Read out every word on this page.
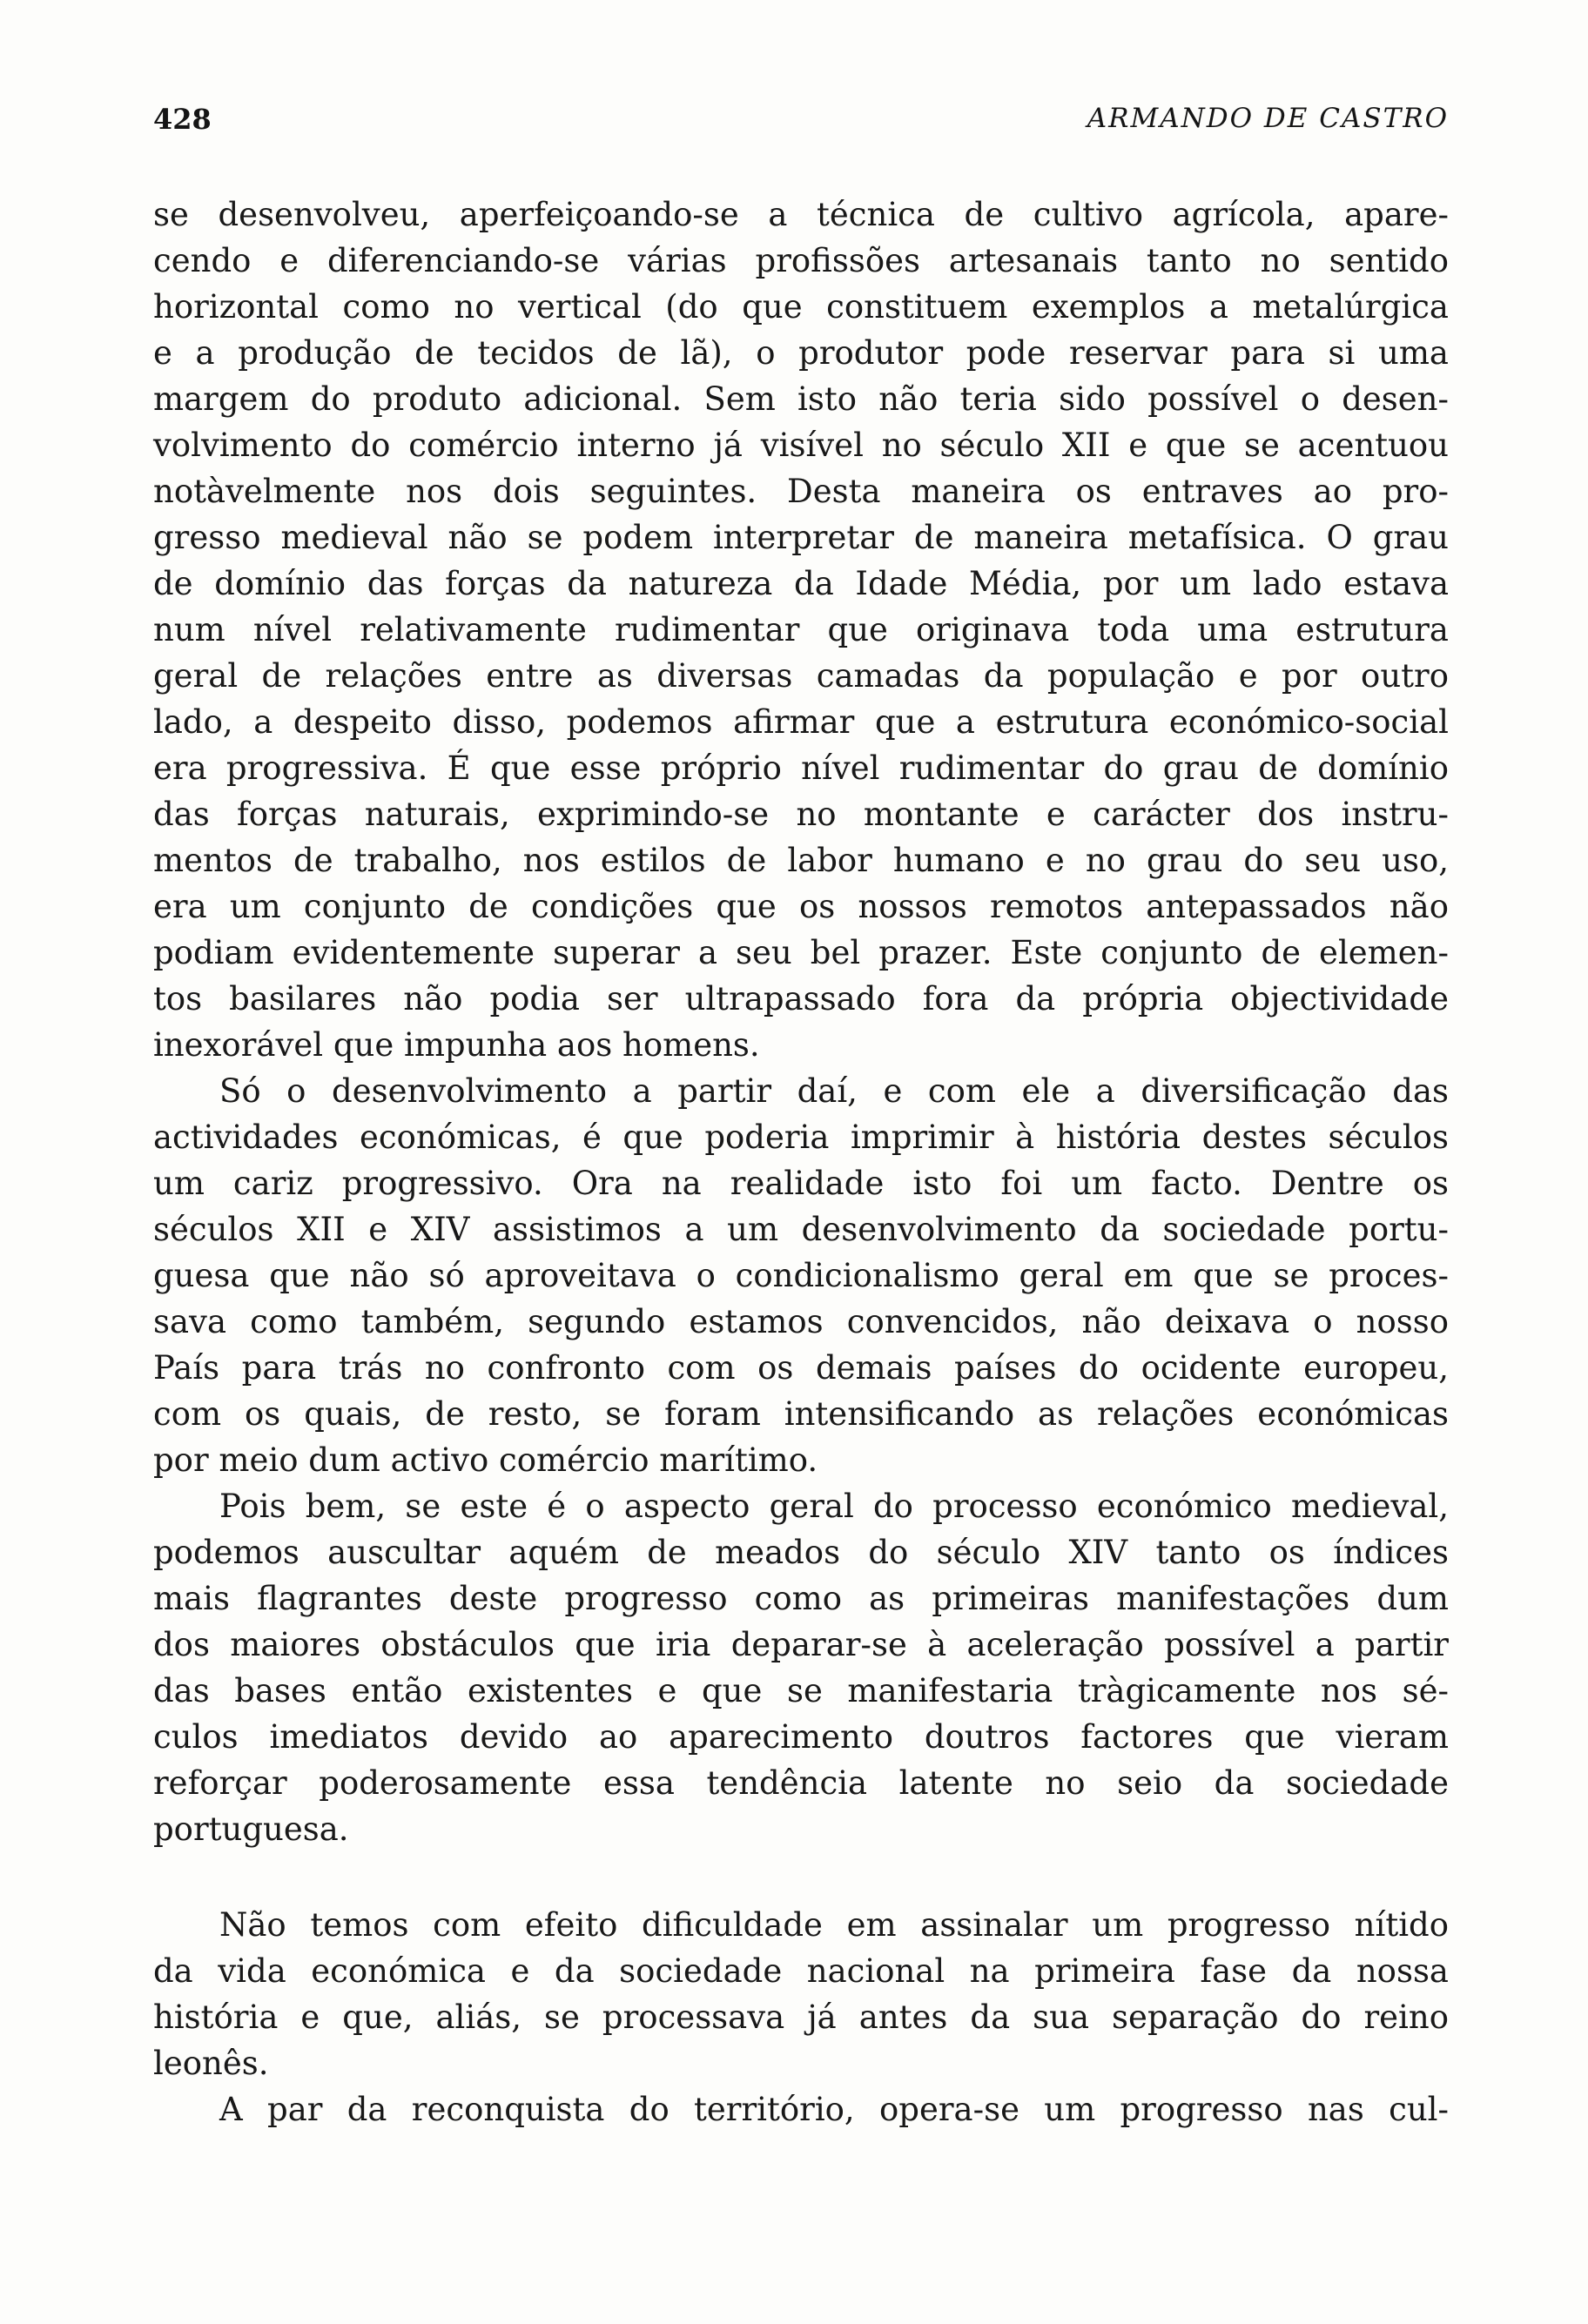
428	ARMANDO DE CASTRO

se desenvolveu, aperfeiçoando-se a técnica de cultivo agrícola, apare-
cendo e diferenciando-se várias profissões artesanais tanto no sentido
horizontal como no vertical (do que constituem exemplos a metalúrgica
e a produção de tecidos de lã), o produtor pode reservar para si uma
margem do produto adicional. Sem isto não teria sido possível o desen-
volvimento do comércio interno já visível no século XII e que se acentuou
notàvelmente nos dois seguintes. Desta maneira os entraves ao pro-
gresso medieval não se podem interpretar de maneira metafísica. O grau
de domínio das forças da natureza da Idade Média, por um lado estava
num nível relativamente rudimentar que originava toda uma estrutura
geral de relações entre as diversas camadas da população e por outro
lado, a despeito disso, podemos afirmar que a estrutura económico-social
era progressiva. É que esse próprio nível rudimentar do grau de domínio
das forças naturais, exprimindo-se no montante e carácter dos instru-
mentos de trabalho, nos estilos de labor humano e no grau do seu uso,
era um conjunto de condições que os nossos remotos antepassados não
podiam evidentemente superar a seu bel prazer. Este conjunto de elemen-
tos basilares não podia ser ultrapassado fora da própria objectividade
inexorável que impunha aos homens.

Só o desenvolvimento a partir daí, e com ele a diversificação das
actividades económicas, é que poderia imprimir à história destes séculos
um cariz progressivo. Ora na realidade isto foi um facto. Dentre os
séculos XII e XIV assistimos a um desenvolvimento da sociedade portu-
guesa que não só aproveitava o condicionalismo geral em que se proces-
sava como também, segundo estamos convencidos, não deixava o nosso
País para trás no confronto com os demais países do ocidente europeu,
com os quais, de resto, se foram intensificando as relações económicas
por meio dum activo comércio marítimo.

Pois bem, se este é o aspecto geral do processo económico medieval,
podemos auscultar aquém de meados do século XIV tanto os índices
mais flagrantes deste progresso como as primeiras manifestações dum
dos maiores obstáculos que iria deparar-se à aceleração possível a partir
das bases então existentes e que se manifestaria tràgicamente nos sé-
culos imediatos devido ao aparecimento doutros factores que vieram
reforçar poderosamente essa tendência latente no seio da sociedade
portuguesa.

Não temos com efeito dificuldade em assinalar um progresso nítido
da vida económica e da sociedade nacional na primeira fase da nossa
história e que, aliás, se processava já antes da sua separação do reino
leonês.

A par da reconquista do território, opera-se um progresso nas cul-
